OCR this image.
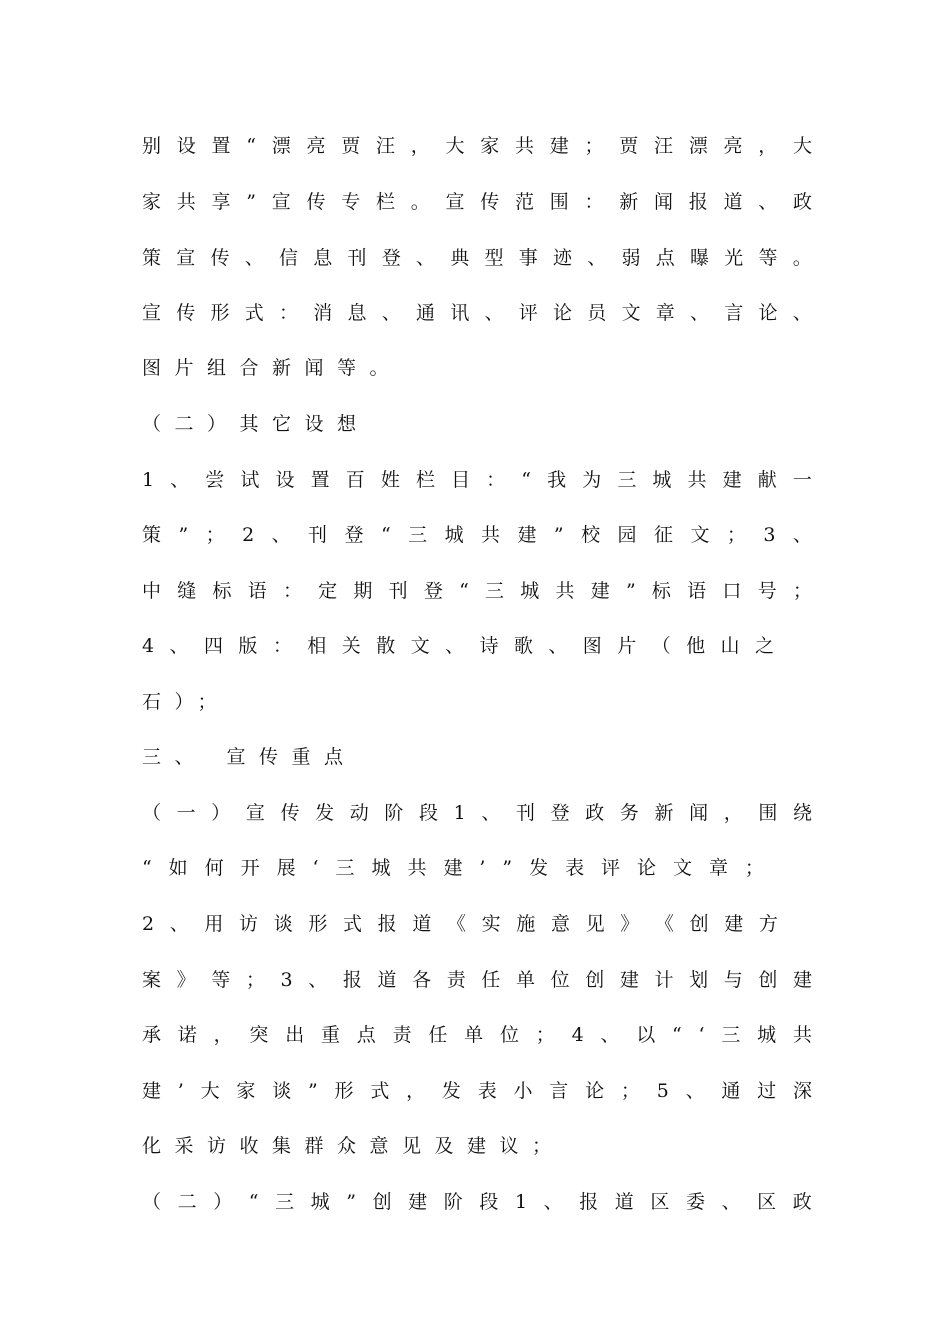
别 设 置 “ 漂 亮 贾 汪 ， 大 家 共 建 ； 贾 汪 漂 亮 ， 大
家 共 享 ” 宣 传 专 栏 。 宣 传 范 围 ： 新 闻 报 道 、 政
策 宣 传 、 信 息 刊 登 、 典 型 事 迹 、 弱 点 曝 光 等 。
宣 传 形 式 ： 消 息 、 通 讯 、 评 论 员 文 章 、 言 论 、
图片组合新闻等。
（二）其它设想
1 、 尝 试 设 置 百 姓 栏 目 ： “ 我 为 三 城 共 建 献 一
策 ” ； 2 、 刊 登 “ 三 城 共 建 ” 校 园 征 文 ； 3 、
中 缝 标 语 ： 定 期 刊 登 “ 三 城 共 建 ” 标 语 口 号 ；
4 、 四 版 ： 相 关 散 文 、 诗 歌 、 图 片 （ 他 山 之
石）；
三、 宣传重点
（ 一 ） 宣 传 发 动 阶 段 1 、 刊 登 政 务 新 闻 ， 围 绕
“ 如 何 开 展 ‘ 三 城 共 建 ’ ” 发 表 评 论 文 章 ；
2 、 用 访 谈 形 式 报 道 《 实 施 意 见 》 《 创 建 方
案 》 等 ； 3 、 报 道 各 责 任 单 位 创 建 计 划 与 创 建
承 诺 ， 突 出 重 点 责 任 单 位 ； 4 、 以 “ ‘ 三 城 共
建 ’ 大 家 谈 ” 形 式 ， 发 表 小 言 论 ； 5 、 通 过 深
化采访收集群众意见及建议；
（ 二 ） “ 三 城 ” 创 建 阶 段 1 、 报 道 区 委 、 区 政
